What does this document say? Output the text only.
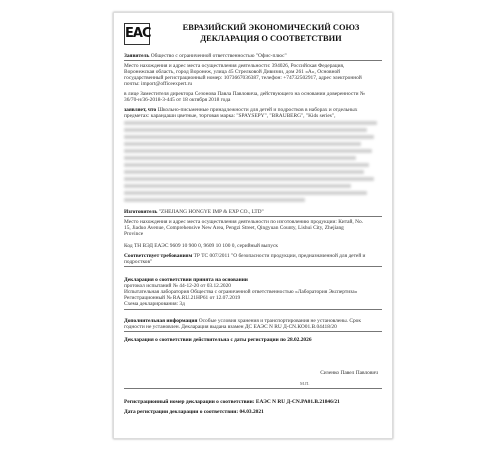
EAC	ЕВРАЗИЙСКИЙ ЭКОНОМИЧЕСКИЙ СОЮЗ
ДЕКЛАРАЦИЯ О СООТВЕТСТВИИ
Заявитель Общество с ограниченной ответственностью "Офис-плюс"
Место нахождения и адрес места осуществления деятельности: 394026, Российская Федерация,
Воронежская область, город Воронеж, улица 45 Стрелковой Дивизии, дом 261 «А», Основной
государственный регистрационный номер: 1073667036387, телефон: +74732502917, адрес электронной
почты: import@officeexpert.ru
в лице Заместителя директора Сезонова Павла Павловича, действующего на основании доверенности №
36/70-н/36-2018-3-445 от 18 октября 2018 года
заявляет, что Школьно-письменные принадлежности для детей и подростков в наборах и отдельных
предметах: карандаши цветные, торговая марка: "SPAYSEPY", "BRAUBERG", "Kids series",
Изготовитель "ZHEJIANG HONGYE IMP & EXP CO., LTD"
Место нахождения и адрес места осуществления деятельности по изготовлению продукции: Китай, No.
15, Jiaduo Avenue, Comprehensive New Area, Pengzi Street, Qingyuan County, Lishui City, Zhejiang
Province
Код ТН ВЭД ЕАЭС 9609 10 900 0, 9609 10 100 0, серийный выпуск
Соответствует требованиям ТР ТС 007/2011 "О безопасности продукции, предназначенной для детей и
подростков"
Декларация о соответствии принята на основании
протокол испытаний № 44-12-20 от 03.12.2020
Испытательная лаборатория Общества с ограниченной ответственностью «Лаборатория Экспертиза»
Регистрационный № RA.RU.21HP61 от 12.07.2019
Схема декларирования: 3д
Дополнительная информация Особые условия хранения и транспортирования не установлены. Срок
годности не установлен. Декларация выдана взамен ДС ЕАЭС N RU Д-CN.КО01.В.04418/20
Декларация о соответствии действительна с даты регистрации по 28.02.2026
Сизенко Павел Павлович
М.П.
Регистрационный номер декларации о соответствии: ЕАЭС N RU Д-CN.РА01.В.21846/21
Дата регистрации декларации о соответствии: 04.03.2021
